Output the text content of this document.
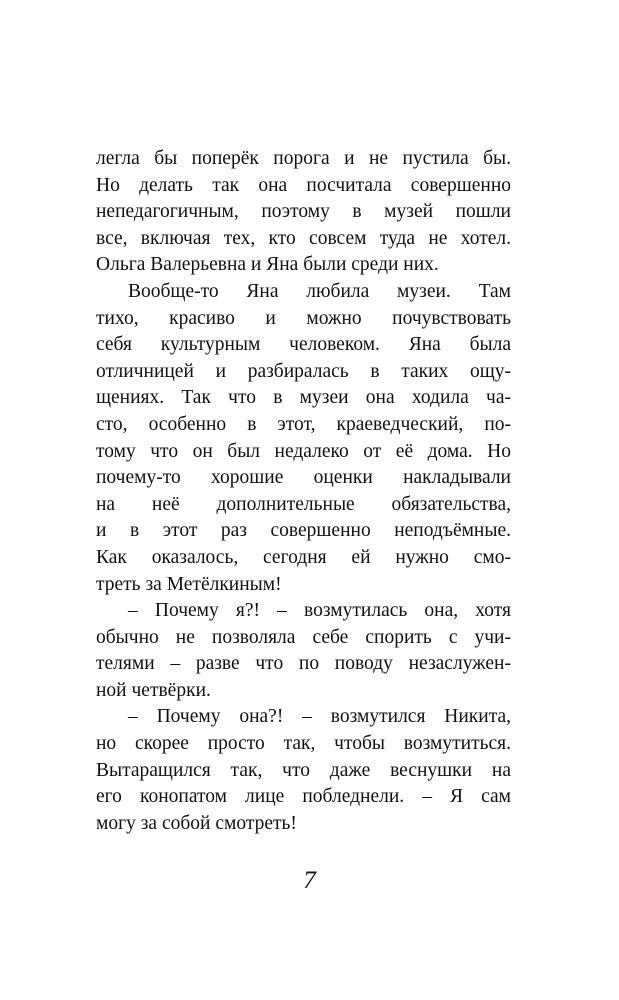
легла бы поперёк порога и не пустила бы.
Но делать так она посчитала совершенно
непедагогичным, поэтому в музей пошли
все, включая тех, кто совсем туда не хотел.
Ольга Валерьевна и Яна были среди них.
Вообще-то Яна любила музеи. Там
тихо, красиво и можно почувствовать
себя культурным человеком. Яна была
отличницей и разбиралась в таких ощу-
щениях. Так что в музеи она ходила ча-
сто, особенно в этот, краеведческий, по-
тому что он был недалеко от её дома. Но
почему-то хорошие оценки накладывали
на неё дополнительные обязательства,
и в этот раз совершенно неподъёмные.
Как оказалось, сегодня ей нужно смо-
треть за Метёлкиным!
– Почему я?! – возмутилась она, хотя
обычно не позволяла себе спорить с учи-
телями – разве что по поводу незаслужен-
ной четвёрки.
– Почему она?! – возмутился Никита,
но скорее просто так, чтобы возмутиться.
Вытаращился так, что даже веснушки на
его конопатом лице побледнели. – Я сам
могу за собой смотреть!
7
